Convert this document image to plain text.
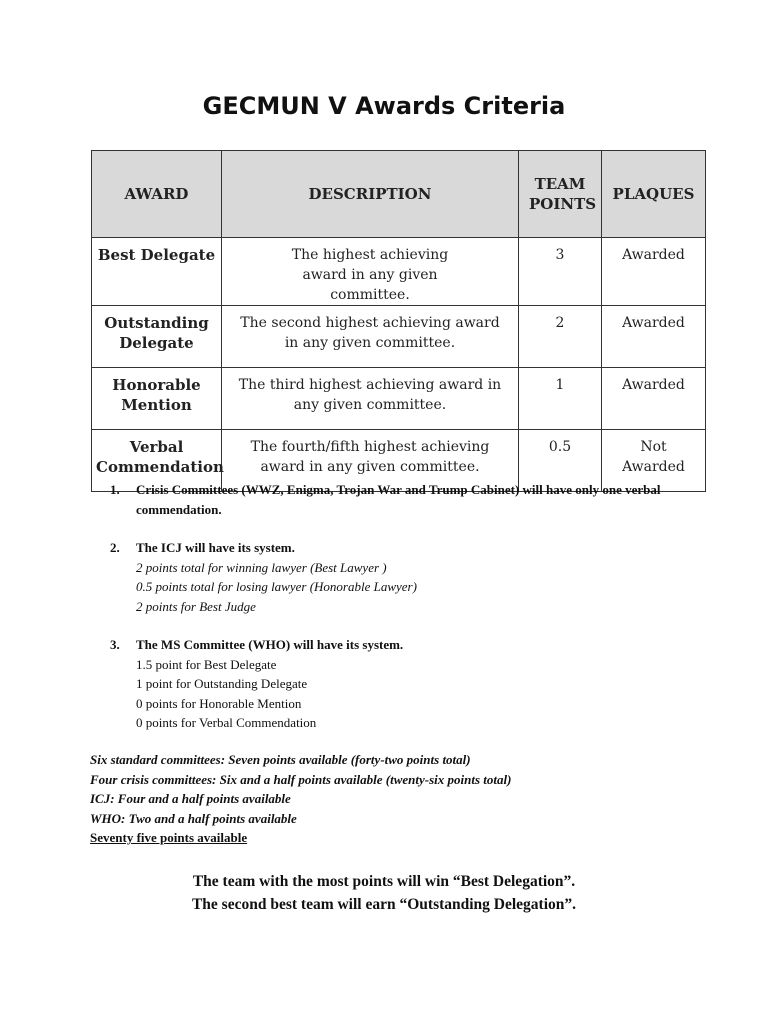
GECMUN V Awards Criteria
AWARD	DESCRIPTION	TEAM POINTS	PLAQUES
Best Delegate	The highest achieving award in any given committee.	3	Awarded
Outstanding Delegate	The second highest achieving award in any given committee.	2	Awarded
Honorable Mention	The third highest achieving award in any given committee.	1	Awarded
Verbal Commendation	The fourth/fifth highest achieving award in any given committee.	0.5	Not Awarded
1.	Crisis Committees (WWZ, Enigma, Trojan War and Trump Cabinet) will have only one verbal commendation.
2. The ICJ will have its system.
2 points total for winning lawyer (Best Lawyer )
0.5 points total for losing lawyer (Honorable Lawyer)
2 points for Best Judge
3. The MS Committee (WHO) will have its system.
1.5 point for Best Delegate
1 point for Outstanding Delegate
0 points for Honorable Mention
0 points for Verbal Commendation
Six standard committees: Seven points available (forty-two points total)
Four crisis committees: Six and a half points available (twenty-six points total)
ICJ: Four and a half points available
WHO: Two and a half points available
Seventy five points available
The team with the most points will win “Best Delegation”.
The second best team will earn “Outstanding Delegation”.
